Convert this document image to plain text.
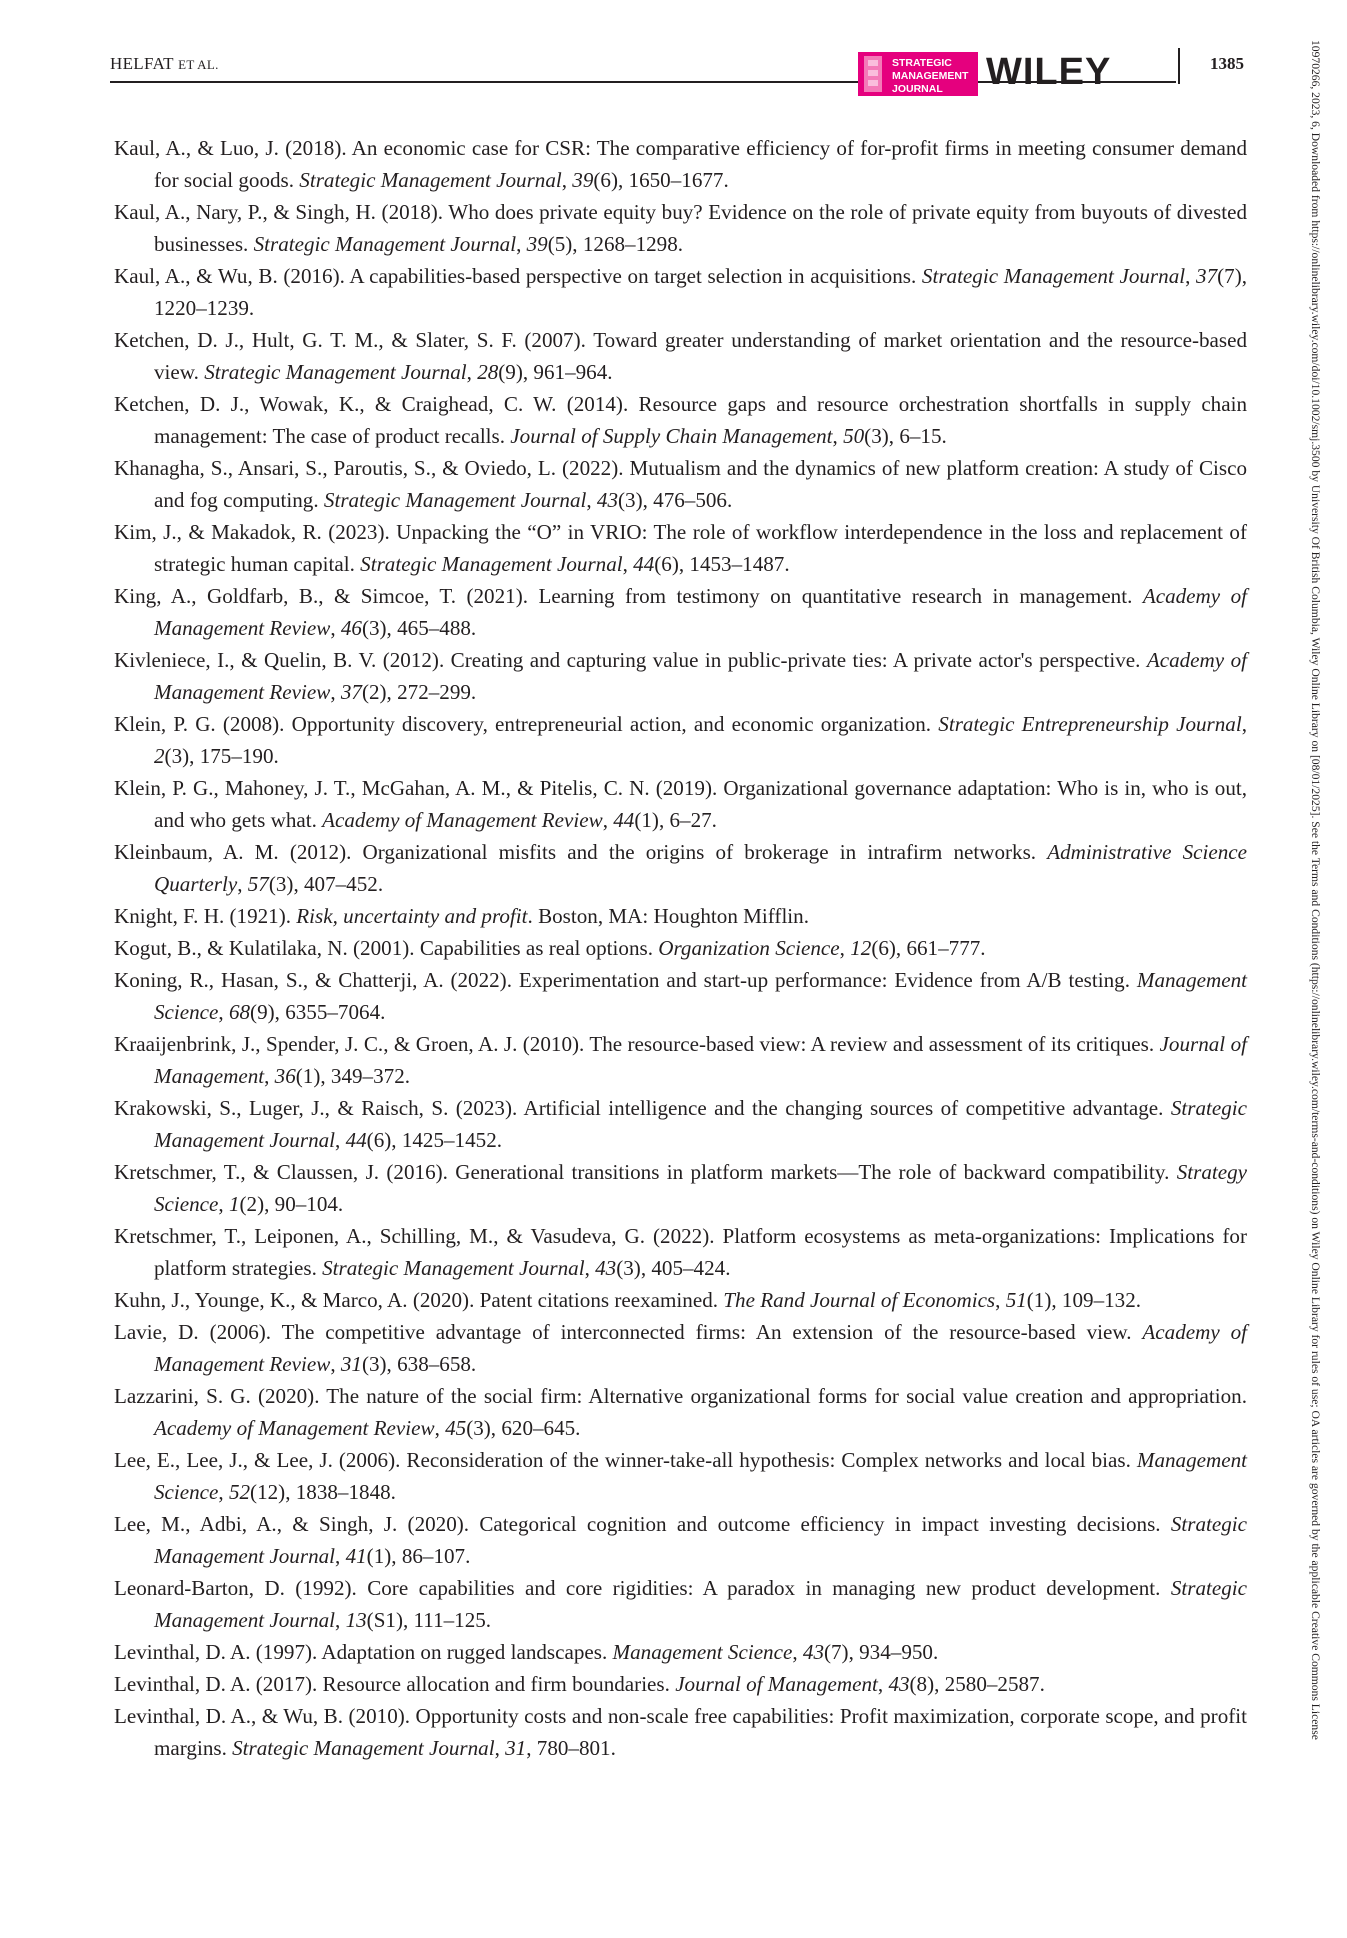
HELFAT ET AL.	STRATEGIC
MANAGEMENT
JOURNAL WILEY	1385
Kaul, A., & Luo, J. (2018). An economic case for CSR: The comparative efficiency of for-profit firms in meeting consumer demand for social goods. Strategic Management Journal, 39(6), 1650–1677.
Kaul, A., Nary, P., & Singh, H. (2018). Who does private equity buy? Evidence on the role of private equity from buyouts of divested businesses. Strategic Management Journal, 39(5), 1268–1298.
Kaul, A., & Wu, B. (2016). A capabilities-based perspective on target selection in acquisitions. Strategic Management Journal, 37(7), 1220–1239.
Ketchen, D. J., Hult, G. T. M., & Slater, S. F. (2007). Toward greater understanding of market orientation and the resource-based view. Strategic Management Journal, 28(9), 961–964.
Ketchen, D. J., Wowak, K., & Craighead, C. W. (2014). Resource gaps and resource orchestration shortfalls in supply chain management: The case of product recalls. Journal of Supply Chain Management, 50(3), 6–15.
Khanagha, S., Ansari, S., Paroutis, S., & Oviedo, L. (2022). Mutualism and the dynamics of new platform creation: A study of Cisco and fog computing. Strategic Management Journal, 43(3), 476–506.
Kim, J., & Makadok, R. (2023). Unpacking the “O” in VRIO: The role of workflow interdependence in the loss and replacement of strategic human capital. Strategic Management Journal, 44(6), 1453–1487.
King, A., Goldfarb, B., & Simcoe, T. (2021). Learning from testimony on quantitative research in management. Academy of Management Review, 46(3), 465–488.
Kivleniece, I., & Quelin, B. V. (2012). Creating and capturing value in public-private ties: A private actor's perspective. Academy of Management Review, 37(2), 272–299.
Klein, P. G. (2008). Opportunity discovery, entrepreneurial action, and economic organization. Strategic Entrepreneurship Journal, 2(3), 175–190.
Klein, P. G., Mahoney, J. T., McGahan, A. M., & Pitelis, C. N. (2019). Organizational governance adaptation: Who is in, who is out, and who gets what. Academy of Management Review, 44(1), 6–27.
Kleinbaum, A. M. (2012). Organizational misfits and the origins of brokerage in intrafirm networks. Administrative Science Quarterly, 57(3), 407–452.
Knight, F. H. (1921). Risk, uncertainty and profit. Boston, MA: Houghton Mifflin.
Kogut, B., & Kulatilaka, N. (2001). Capabilities as real options. Organization Science, 12(6), 661–777.
Koning, R., Hasan, S., & Chatterji, A. (2022). Experimentation and start-up performance: Evidence from A/B testing. Management Science, 68(9), 6355–7064.
Kraaijenbrink, J., Spender, J. C., & Groen, A. J. (2010). The resource-based view: A review and assessment of its critiques. Journal of Management, 36(1), 349–372.
Krakowski, S., Luger, J., & Raisch, S. (2023). Artificial intelligence and the changing sources of competitive advantage. Strategic Management Journal, 44(6), 1425–1452.
Kretschmer, T., & Claussen, J. (2016). Generational transitions in platform markets—The role of backward compatibility. Strategy Science, 1(2), 90–104.
Kretschmer, T., Leiponen, A., Schilling, M., & Vasudeva, G. (2022). Platform ecosystems as meta-organizations: Implications for platform strategies. Strategic Management Journal, 43(3), 405–424.
Kuhn, J., Younge, K., & Marco, A. (2020). Patent citations reexamined. The Rand Journal of Economics, 51(1), 109–132.
Lavie, D. (2006). The competitive advantage of interconnected firms: An extension of the resource-based view. Academy of Management Review, 31(3), 638–658.
Lazzarini, S. G. (2020). The nature of the social firm: Alternative organizational forms for social value creation and appropriation. Academy of Management Review, 45(3), 620–645.
Lee, E., Lee, J., & Lee, J. (2006). Reconsideration of the winner-take-all hypothesis: Complex networks and local bias. Management Science, 52(12), 1838–1848.
Lee, M., Adbi, A., & Singh, J. (2020). Categorical cognition and outcome efficiency in impact investing decisions. Strategic Management Journal, 41(1), 86–107.
Leonard-Barton, D. (1992). Core capabilities and core rigidities: A paradox in managing new product development. Strategic Management Journal, 13(S1), 111–125.
Levinthal, D. A. (1997). Adaptation on rugged landscapes. Management Science, 43(7), 934–950.
Levinthal, D. A. (2017). Resource allocation and firm boundaries. Journal of Management, 43(8), 2580–2587.
Levinthal, D. A., & Wu, B. (2010). Opportunity costs and non-scale free capabilities: Profit maximization, corporate scope, and profit margins. Strategic Management Journal, 31, 780–801.
10970266, 2023, 6, Downloaded from https://onlinelibrary.wiley.com/doi/10.1002/smj.3500 by University Of British Columbia, Wiley Online Library on [08/01/2025]. See the Terms and Conditions (https://onlinelibrary.wiley.com/terms-and-conditions) on Wiley Online Library for rules of use; OA articles are governed by the applicable Creative Commons License
